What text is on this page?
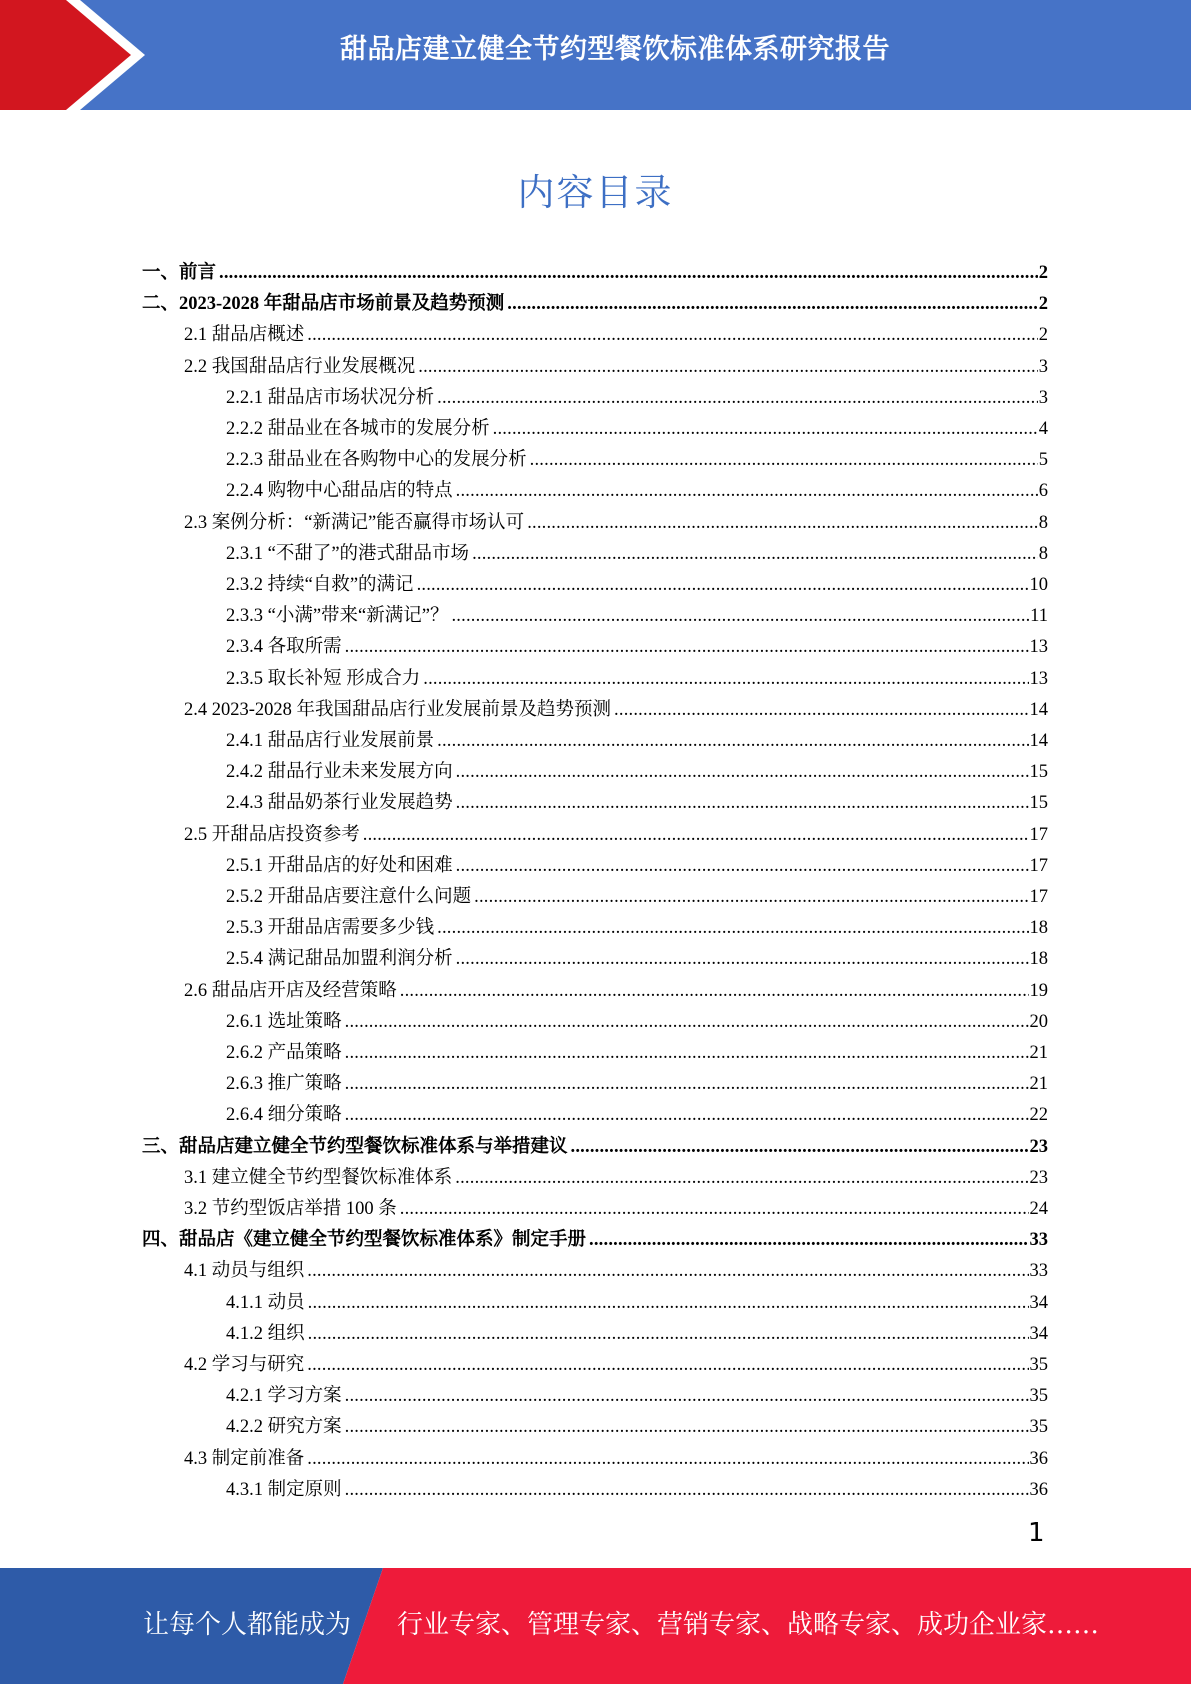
甜品店建立健全节约型餐饮标准体系研究报告
内容目录
一、前言 .....	2
二、2023-2028 年甜品店市场前景及趋势预测 .....	2
2.1 甜品店概述 .....	2
2.2 我国甜品店行业发展概况 .....	3
2.2.1 甜品店市场状况分析 .....	3
2.2.2 甜品业在各城市的发展分析 .....	4
2.2.3 甜品业在各购物中心的发展分析 .....	5
2.2.4 购物中心甜品店的特点 .....	6
2.3 案例分析：“新满记”能否赢得市场认可 .....	8
2.3.1 “不甜了”的港式甜品市场 .....	8
2.3.2 持续“自救”的满记 .....	10
2.3.3 “小满”带来“新满记”？ .....	11
2.3.4 各取所需 .....	13
2.3.5 取长补短 形成合力 .....	13
2.4 2023-2028 年我国甜品店行业发展前景及趋势预测 .....	14
2.4.1 甜品店行业发展前景 .....	14
2.4.2 甜品行业未来发展方向 .....	15
2.4.3 甜品奶茶行业发展趋势 .....	15
2.5 开甜品店投资参考 .....	17
2.5.1 开甜品店的好处和困难 .....	17
2.5.2 开甜品店要注意什么问题 .....	17
2.5.3 开甜品店需要多少钱 .....	18
2.5.4 满记甜品加盟利润分析 .....	18
2.6 甜品店开店及经营策略 .....	19
2.6.1 选址策略 .....	20
2.6.2 产品策略 .....	21
2.6.3 推广策略 .....	21
2.6.4 细分策略 .....	22
三、甜品店建立健全节约型餐饮标准体系与举措建议 .....	23
3.1 建立健全节约型餐饮标准体系 .....	23
3.2 节约型饭店举措 100 条 .....	24
四、甜品店《建立健全节约型餐饮标准体系》制定手册 .....	33
4.1 动员与组织 .....	33
4.1.1 动员 .....	34
4.1.2 组织 .....	34
4.2 学习与研究 .....	35
4.2.1 学习方案 .....	35
4.2.2 研究方案 .....	35
4.3 制定前准备 .....	36
4.3.1 制定原则 .....	36
1
让每个人都能成为 行业专家、管理专家、营销专家、战略专家、成功企业家……
